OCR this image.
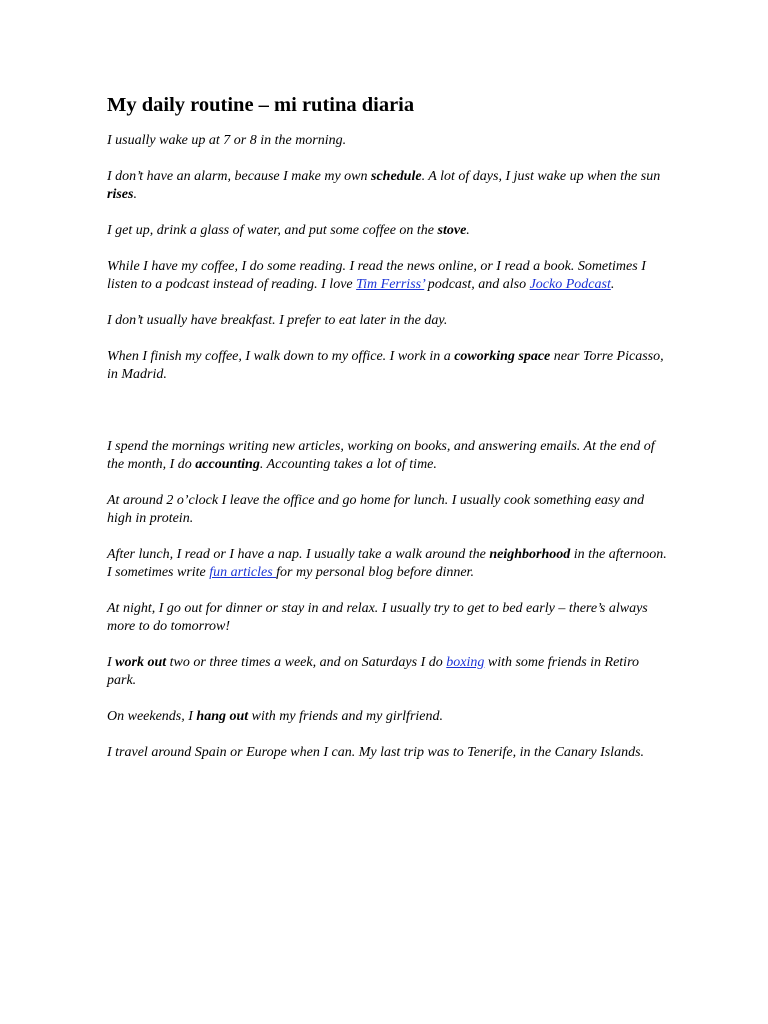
My daily routine – mi rutina diaria

I usually wake up at 7 or 8 in the morning.

I don’t have an alarm, because I make my own schedule. A lot of days, I just wake up when the sun rises.

I get up, drink a glass of water, and put some coffee on the stove.

While I have my coffee, I do some reading. I read the news online, or I read a book. Sometimes I listen to a podcast instead of reading. I love Tim Ferriss’ podcast, and also Jocko Podcast.

I don’t usually have breakfast. I prefer to eat later in the day.

When I finish my coffee, I walk down to my office. I work in a coworking space near Torre Picasso, in Madrid.

I spend the mornings writing new articles, working on books, and answering emails. At the end of the month, I do accounting. Accounting takes a lot of time.

At around 2 o’clock I leave the office and go home for lunch. I usually cook something easy and high in protein.

After lunch, I read or I have a nap. I usually take a walk around the neighborhood in the afternoon. I sometimes write fun articles for my personal blog before dinner.

At night, I go out for dinner or stay in and relax. I usually try to get to bed early – there’s always more to do tomorrow!

I work out two or three times a week, and on Saturdays I do boxing with some friends in Retiro park.

On weekends, I hang out with my friends and my girlfriend.

I travel around Spain or Europe when I can. My last trip was to Tenerife, in the Canary Islands.
